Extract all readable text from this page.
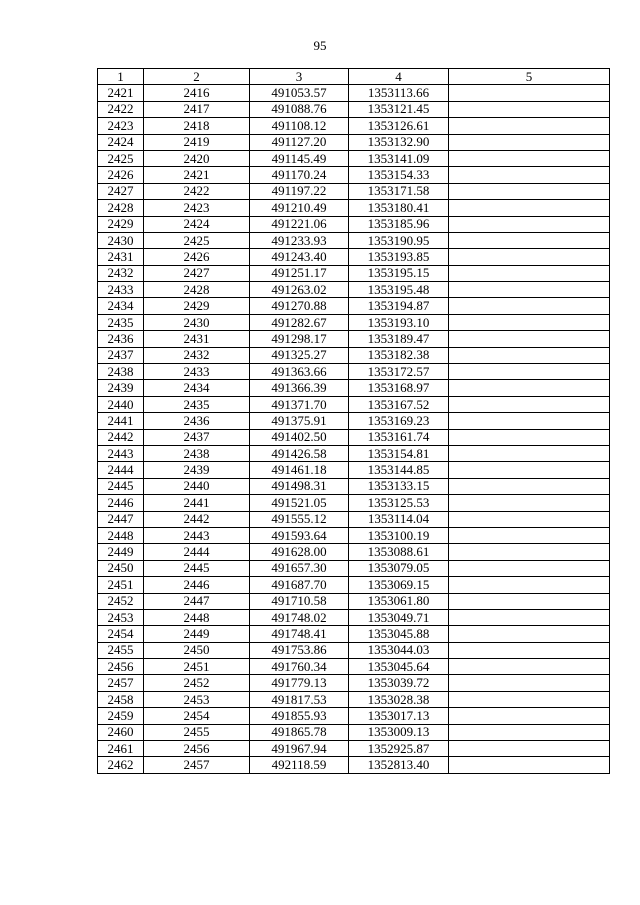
95
1	2	3	4	5
2421	2416	491053.57	1353113.66	
2422	2417	491088.76	1353121.45	
2423	2418	491108.12	1353126.61	
2424	2419	491127.20	1353132.90	
2425	2420	491145.49	1353141.09	
2426	2421	491170.24	1353154.33	
2427	2422	491197.22	1353171.58	
2428	2423	491210.49	1353180.41	
2429	2424	491221.06	1353185.96	
2430	2425	491233.93	1353190.95	
2431	2426	491243.40	1353193.85	
2432	2427	491251.17	1353195.15	
2433	2428	491263.02	1353195.48	
2434	2429	491270.88	1353194.87	
2435	2430	491282.67	1353193.10	
2436	2431	491298.17	1353189.47	
2437	2432	491325.27	1353182.38	
2438	2433	491363.66	1353172.57	
2439	2434	491366.39	1353168.97	
2440	2435	491371.70	1353167.52	
2441	2436	491375.91	1353169.23	
2442	2437	491402.50	1353161.74	
2443	2438	491426.58	1353154.81	
2444	2439	491461.18	1353144.85	
2445	2440	491498.31	1353133.15	
2446	2441	491521.05	1353125.53	
2447	2442	491555.12	1353114.04	
2448	2443	491593.64	1353100.19	
2449	2444	491628.00	1353088.61	
2450	2445	491657.30	1353079.05	
2451	2446	491687.70	1353069.15	
2452	2447	491710.58	1353061.80	
2453	2448	491748.02	1353049.71	
2454	2449	491748.41	1353045.88	
2455	2450	491753.86	1353044.03	
2456	2451	491760.34	1353045.64	
2457	2452	491779.13	1353039.72	
2458	2453	491817.53	1353028.38	
2459	2454	491855.93	1353017.13	
2460	2455	491865.78	1353009.13	
2461	2456	491967.94	1352925.87	
2462	2457	492118.59	1352813.40	
